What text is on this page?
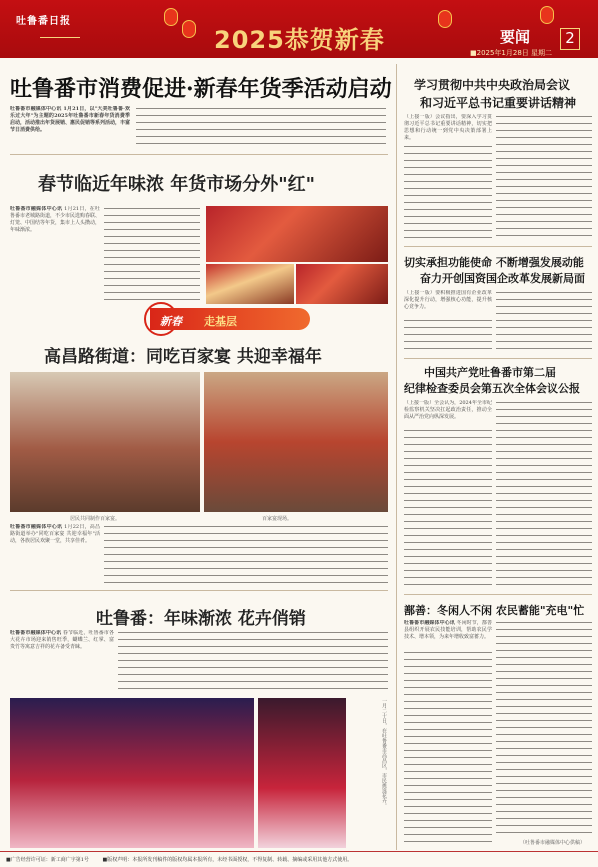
吐鲁番日报
2025恭贺新春	要闻	2
■2025年1月28日 星期二
吐鲁番市消费促进·新春年货季活动启动
吐鲁番市融媒体中心讯 1月21日，以"大美吐鲁番·欢乐过大年"为主题的2025年吐鲁番市新春年货消费季启动，活动推出年货展销、惠民促销等系列活动，丰富节日消费供给。
春节临近年味浓 年货市场分外"红"
吐鲁番市融媒体中心讯 1月21日，在吐鲁番市老城路街道，不少市民选购春联、灯笼、中国结等年货，集市上人头攒动，年味渐浓。
新春 走基层
高昌路街道：同吃百家宴 共迎幸福年
居民共同制作百家宴。	百家宴现场。
吐鲁番市融媒体中心讯 1月22日，高昌路街道举办"同吃百家宴 共迎幸福年"活动，各族居民欢聚一堂，共享佳肴。
吐鲁番：年味渐浓 花卉俏销
吐鲁番市融媒体中心讯 春节临近，吐鲁番市各大花卉市场迎来销售旺季，蝴蝶兰、红掌、富贵竹等寓意吉祥的花卉备受青睐。
一月二十日，在吐鲁番市高昌区，市民挑选花卉。
学习贯彻中共中央政治局会议
和习近平总书记重要讲话精神
（上接一版）会议指出，要深入学习贯彻习近平总书记重要讲话精神，切实把思想和行动统一到党中央决策部署上来。
切实承担功能使命 不断增强发展动能
奋力开创国资国企改革发展新局面
（上接一版）要积极推进国有企业改革深化提升行动，增强核心功能，提升核心竞争力。
中国共产党吐鲁番市第二届
纪律检查委员会第五次全体会议公报
（上接一版）全会认为，2024年全市纪检监察机关坚决扛起政治责任，推动全面从严治党向纵深发展。
鄯善：冬闲人不闲 农民蓄能"充电"忙
吐鲁番市融媒体中心讯 冬闲时节，鄯善县组织开展农民技能培训，帮助农民学技术、增本领，为来年增收致富蓄力。
（吐鲁番市融媒体中心供稿）
■广告经营许可证：新工商广字第1号	■版权声明：本报所发刊稿件的版权均属本报所有，未经书面授权，不得复制、转载、摘编或采用其他方式使用。
